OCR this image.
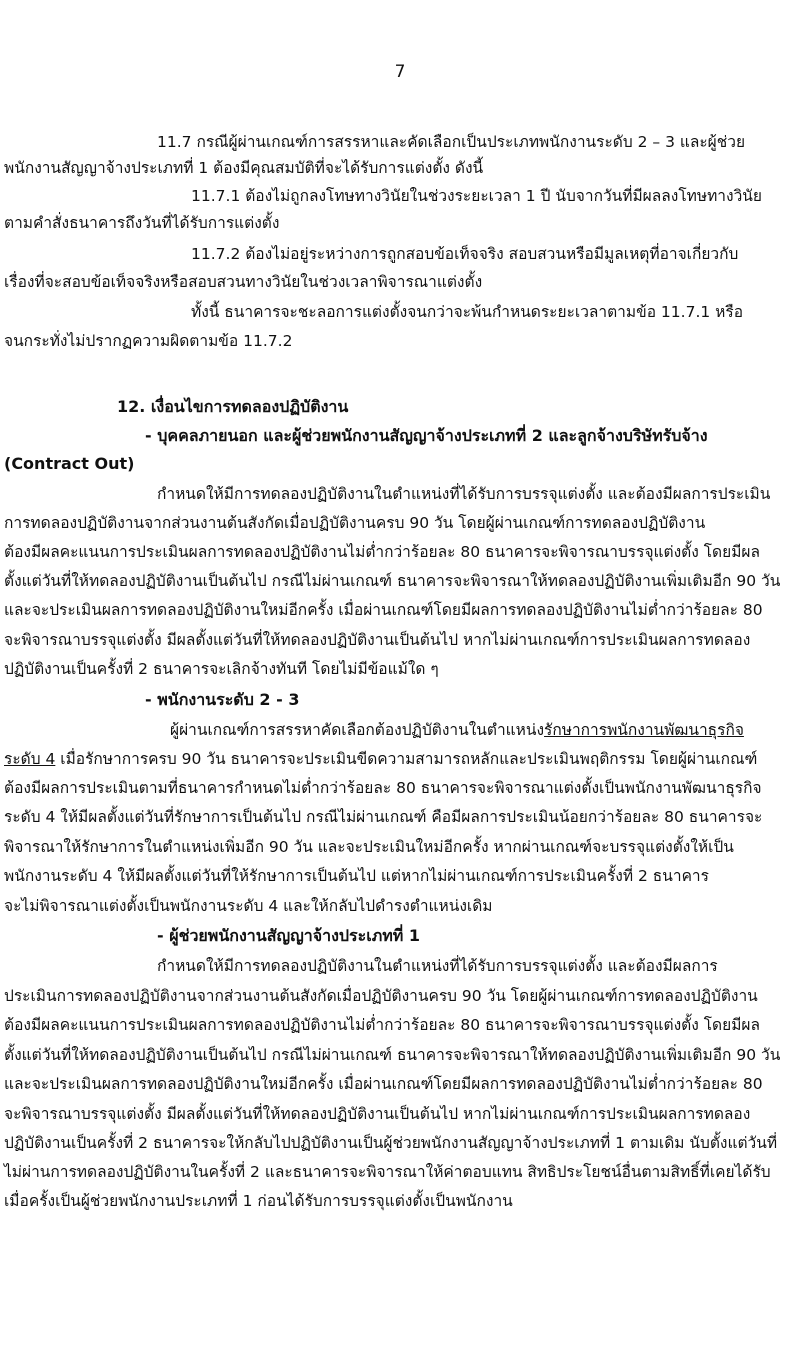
7
11.7 กรณีผู้ผ่านเกณฑ์การสรรหาและคัดเลือกเป็นประเภทพนักงานระดับ 2 – 3 และผู้ช่วย
พนักงานสัญญาจ้างประเภทที่ 1 ต้องมีคุณสมบัติที่จะได้รับการแต่งตั้ง ดังนี้
11.7.1 ต้องไม่ถูกลงโทษทางวินัยในช่วงระยะเวลา 1 ปี นับจากวันที่มีผลลงโทษทางวินัย
ตามคำสั่งธนาคารถึงวันที่ได้รับการแต่งตั้ง
11.7.2 ต้องไม่อยู่ระหว่างการถูกสอบข้อเท็จจริง สอบสวนหรือมีมูลเหตุที่อาจเกี่ยวกับ
เรื่องที่จะสอบข้อเท็จจริงหรือสอบสวนทางวินัยในช่วงเวลาพิจารณาแต่งตั้ง
ทั้งนี้ ธนาคารจะชะลอการแต่งตั้งจนกว่าจะพ้นกำหนดระยะเวลาตามข้อ 11.7.1 หรือ
จนกระทั่งไม่ปรากฏความผิดตามข้อ 11.7.2
12. เงื่อนไขการทดลองปฏิบัติงาน
- บุคคลภายนอก และผู้ช่วยพนักงานสัญญาจ้างประเภทที่ 2 และลูกจ้างบริษัทรับจ้าง
(Contract Out)
กำหนดให้มีการทดลองปฏิบัติงานในตำแหน่งที่ได้รับการบรรจุแต่งตั้ง และต้องมีผลการประเมิน
การทดลองปฏิบัติงานจากส่วนงานต้นสังกัดเมื่อปฏิบัติงานครบ 90 วัน โดยผู้ผ่านเกณฑ์การทดลองปฏิบัติงาน
ต้องมีผลคะแนนการประเมินผลการทดลองปฏิบัติงานไม่ต่ำกว่าร้อยละ 80 ธนาคารจะพิจารณาบรรจุแต่งตั้ง โดยมีผล
ตั้งแต่วันที่ให้ทดลองปฏิบัติงานเป็นต้นไป กรณีไม่ผ่านเกณฑ์ ธนาคารจะพิจารณาให้ทดลองปฏิบัติงานเพิ่มเติมอีก 90 วัน
และจะประเมินผลการทดลองปฏิบัติงานใหม่อีกครั้ง เมื่อผ่านเกณฑ์โดยมีผลการทดลองปฏิบัติงานไม่ต่ำกว่าร้อยละ 80
จะพิจารณาบรรจุแต่งตั้ง มีผลตั้งแต่วันที่ให้ทดลองปฏิบัติงานเป็นต้นไป หากไม่ผ่านเกณฑ์การประเมินผลการทดลอง
ปฏิบัติงานเป็นครั้งที่ 2 ธนาคารจะเลิกจ้างทันที โดยไม่มีข้อแม้ใด ๆ
- พนักงานระดับ 2 - 3
ผู้ผ่านเกณฑ์การสรรหาคัดเลือกต้องปฏิบัติงานในตำแหน่งรักษาการพนักงานพัฒนาธุรกิจ
ระดับ 4 เมื่อรักษาการครบ 90 วัน ธนาคารจะประเมินขีดความสามารถหลักและประเมินพฤติกรรม โดยผู้ผ่านเกณฑ์
ต้องมีผลการประเมินตามที่ธนาคารกำหนดไม่ต่ำกว่าร้อยละ 80 ธนาคารจะพิจารณาแต่งตั้งเป็นพนักงานพัฒนาธุรกิจ
ระดับ 4 ให้มีผลตั้งแต่วันที่รักษาการเป็นต้นไป กรณีไม่ผ่านเกณฑ์ คือมีผลการประเมินน้อยกว่าร้อยละ 80 ธนาคารจะ
พิจารณาให้รักษาการในตำแหน่งเพิ่มอีก 90 วัน และจะประเมินใหม่อีกครั้ง หากผ่านเกณฑ์จะบรรจุแต่งตั้งให้เป็น
พนักงานระดับ 4 ให้มีผลตั้งแต่วันที่ให้รักษาการเป็นต้นไป แต่หากไม่ผ่านเกณฑ์การประเมินครั้งที่ 2 ธนาคาร
จะไม่พิจารณาแต่งตั้งเป็นพนักงานระดับ 4 และให้กลับไปดำรงตำแหน่งเดิม
- ผู้ช่วยพนักงานสัญญาจ้างประเภทที่ 1
กำหนดให้มีการทดลองปฏิบัติงานในตำแหน่งที่ได้รับการบรรจุแต่งตั้ง และต้องมีผลการ
ประเมินการทดลองปฏิบัติงานจากส่วนงานต้นสังกัดเมื่อปฏิบัติงานครบ 90 วัน โดยผู้ผ่านเกณฑ์การทดลองปฏิบัติงาน
ต้องมีผลคะแนนการประเมินผลการทดลองปฏิบัติงานไม่ต่ำกว่าร้อยละ 80 ธนาคารจะพิจารณาบรรจุแต่งตั้ง โดยมีผล
ตั้งแต่วันที่ให้ทดลองปฏิบัติงานเป็นต้นไป กรณีไม่ผ่านเกณฑ์ ธนาคารจะพิจารณาให้ทดลองปฏิบัติงานเพิ่มเติมอีก 90 วัน
และจะประเมินผลการทดลองปฏิบัติงานใหม่อีกครั้ง เมื่อผ่านเกณฑ์โดยมีผลการทดลองปฏิบัติงานไม่ต่ำกว่าร้อยละ 80
จะพิจารณาบรรจุแต่งตั้ง มีผลตั้งแต่วันที่ให้ทดลองปฏิบัติงานเป็นต้นไป หากไม่ผ่านเกณฑ์การประเมินผลการทดลอง
ปฏิบัติงานเป็นครั้งที่ 2 ธนาคารจะให้กลับไปปฏิบัติงานเป็นผู้ช่วยพนักงานสัญญาจ้างประเภทที่ 1 ตามเดิม นับตั้งแต่วันที่
ไม่ผ่านการทดลองปฏิบัติงานในครั้งที่ 2 และธนาคารจะพิจารณาให้ค่าตอบแทน สิทธิประโยชน์อื่นตามสิทธิ์ที่เคยได้รับ
เมื่อครั้งเป็นผู้ช่วยพนักงานประเภทที่ 1 ก่อนได้รับการบรรจุแต่งตั้งเป็นพนักงาน
